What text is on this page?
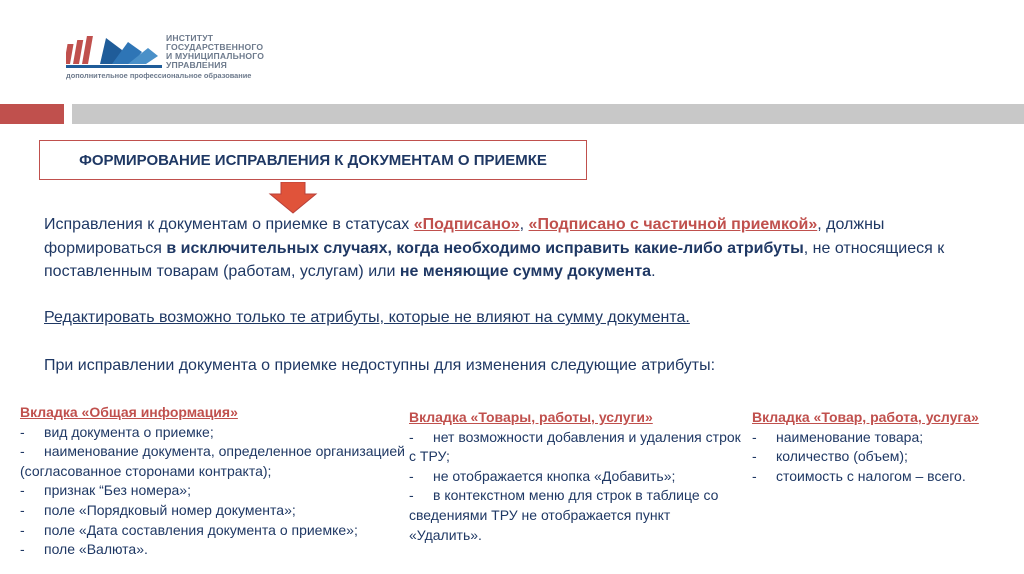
ИНСТИТУТ
ГОСУДАРСТВЕННОГО
И МУНИЦИПАЛЬНОГО
УПРАВЛЕНИЯ
дополнительное профессиональное образование
ФОРМИРОВАНИЕ ИСПРАВЛЕНИЯ К ДОКУМЕНТАМ О ПРИЕМКЕ
Исправления к документам о приемке в статусах «Подписано», «Подписано с частичной приемкой», должны формироваться в исключительных случаях, когда необходимо исправить какие-либо атрибуты, не относящиеся к поставленным товарам (работам, услугам) или не меняющие сумму документа.
Редактировать возможно только те атрибуты, которые не влияют на сумму документа.
При исправлении документа о приемке недоступны для изменения следующие атрибуты:
Вкладка «Общая информация»
-	вид документа о приемке;
- наименование документа, определенное организацией (согласованное сторонами контракта);
-	признак “Без номера»;
-	поле «Порядковый номер документа»;
-	поле «Дата составления документа о приемке»;
-	поле «Валюта».
Вкладка «Товары, работы, услуги»
- нет возможности добавления и удаления строк с ТРУ;
- не отображается кнопка «Добавить»;
- в контекстном меню для строк в таблице со сведениями ТРУ не отображается пункт «Удалить».
Вкладка «Товар, работа, услуга»
-	наименование товара;
-	количество (объем);
-	стоимость с налогом – всего.
